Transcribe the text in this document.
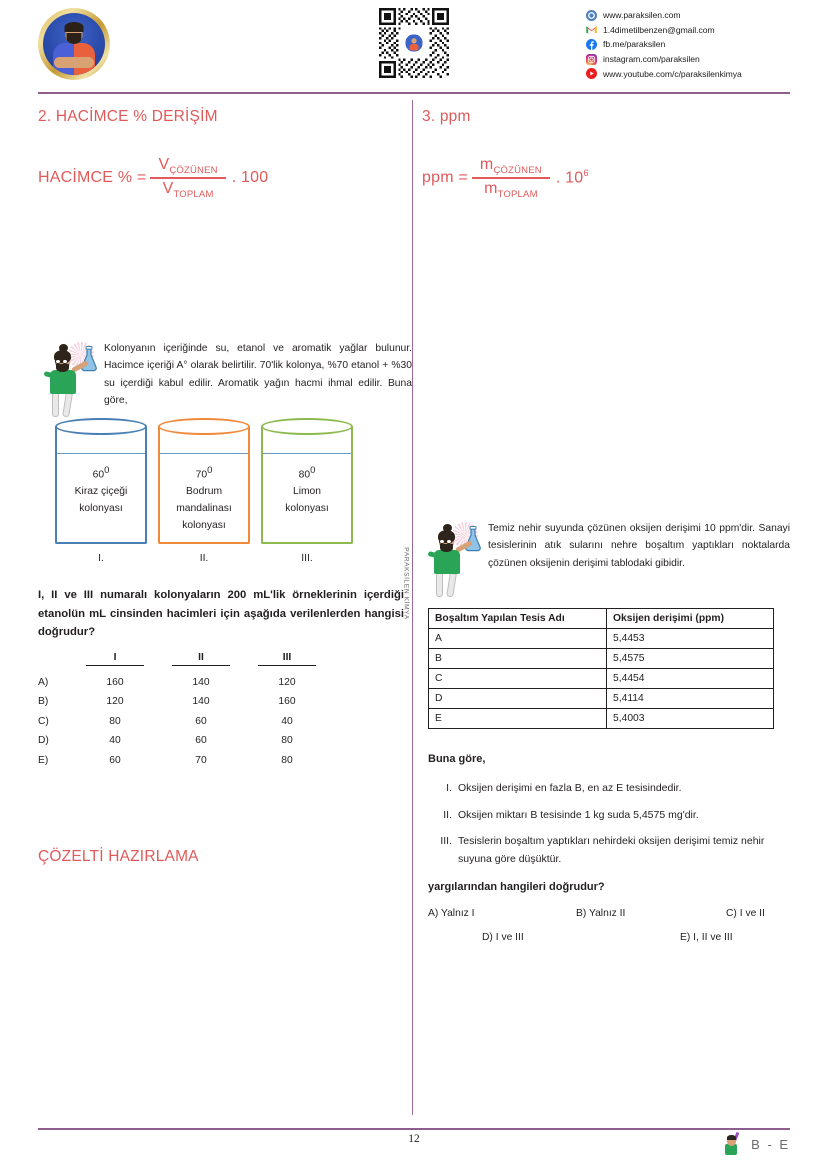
www.paraksilen.com
1.4dimetilbenzen@gmail.com
fb.me/paraksilen
instagram.com/paraksilen
www.youtube.com/c/paraksilenkimya
PARAKSİLEN KİMYA
2. HACİMCE % DERİŞİM
HACİMCE % = $\frac{V_{ÇÖZÜNEN}}{V_{TOPLAM}}$ . 100
Kolonyanın içeriğinde su, etanol ve aromatik yağlar bulunur. Hacimce içeriği A° olarak belirtilir. 70'lik kolonya, %70 etanol + %30 su içerdiği kabul edilir. Aromatik yağın hacmi ihmal edilir. Buna göre,
$60^0$
Kiraz çiçeği
kolonyası
I.
$70^0$
Bodrum
mandalinası
kolonyası
II.
$80^0$
Limon
kolonyası
III.
I, II ve III numaralı kolonyaların 200 mL'lik örneklerinin içerdiği etanolün mL cinsinden hacimleri için aşağıda verilenlerden hangisi doğrudur?
	I	II	III
A)	160	140	120
B)	120	140	160
C)	80	60	40
D)	40	60	80
E)	60	70	80
ÇÖZELTİ HAZIRLAMA
3. ppm
ppm = $\frac{m_{ÇÖZÜNEN}}{m_{TOPLAM}}$ . $10^6$
Temiz nehir suyunda çözünen oksijen derişimi 10 ppm'dir. Sanayi tesislerinin atık sularını nehre boşaltım yaptıkları noktalarda çözünen oksijenin derişimi tablodaki gibidir.
Boşaltım Yapılan Tesis Adı	Oksijen derişimi (ppm)
A	5,4453
B	5,4575
C	5,4454
D	5,4114
E	5,4003
Buna göre,
I. Oksijen derişimi en fazla B, en az E tesisindedir.
II. Oksijen miktarı B tesisinde 1 kg suda 5,4575 mg'dir.
III. Tesislerin boşaltım yaptıkları nehirdeki oksijen derişimi temiz nehir suyuna göre düşüktür.
yargılarından hangileri doğrudur?
A) Yalnız I	B) Yalnız II	C) I ve II
D) I ve III	E) I, II ve III
12	B - E
